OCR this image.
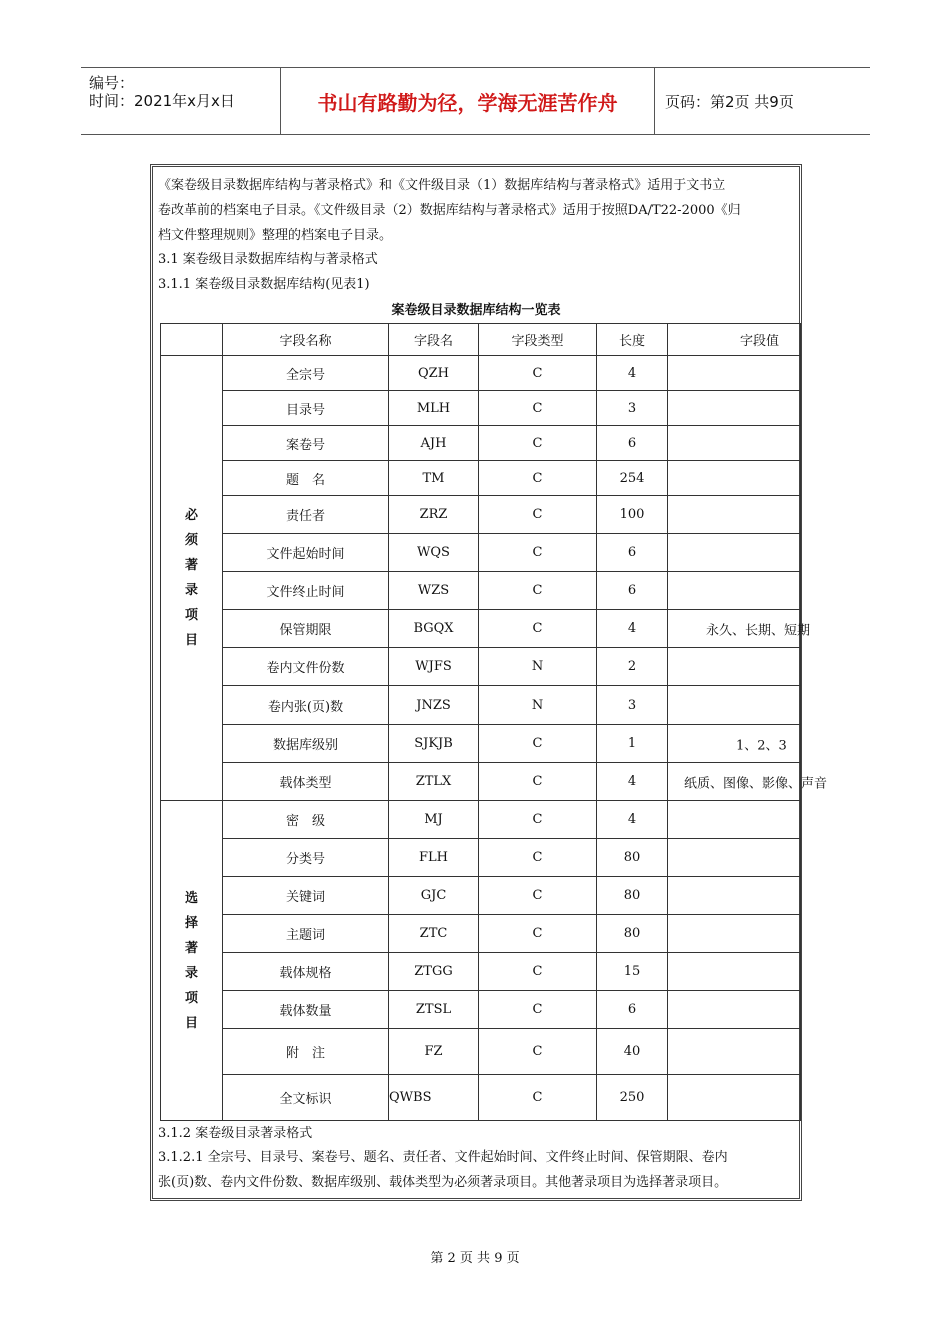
编号：
时间：2021年x月x日	书山有路勤为径，学海无涯苦作舟	页码：第2页 共9页
《案卷级目录数据库结构与著录格式》和《文件级目录（1）数据库结构与著录格式》适用于文书立
卷改革前的档案电子目录。《文件级目录（2）数据库结构与著录格式》适用于按照DA/T22-2000《归
档文件整理规则》整理的档案电子目录。
3.1 案卷级目录数据库结构与著录格式
3.1.1 案卷级目录数据库结构(见表1)
案卷级目录数据库结构一览表
	字段名称	字段名	字段类型	长度	字段值
必须著录项目	全宗号	QZH	C	4	

	目录号	MLH	C	3	

	案卷号	AJH	C	6	

	题　名	TM	C	254	

	责任者	ZRZ	C	100	

	文件起始时间	WQS	C	6	

	文件终止时间	WZS	C	6	

	保管期限	BGQX	C	4	永久、长期、短期

	卷内文件份数	WJFS	N	2	

	卷内张(页)数	JNZS	N	3	

	数据库级别	SJKJB	C	1	1、2、3

	载体类型	ZTLX	C	4	纸质、图像、影像、声音

选择著录项目	密　级	MJ	C	4	

	分类号	FLH	C	80	

	关键词	GJC	C	80	

	主题词	ZTC	C	80	

	载体规格	ZTGG	C	15	

	载体数量	ZTSL	C	6	

	附　注	FZ	C	40	

	全文标识	QWBS	C	250	
3.1.2 案卷级目录著录格式
3.1.2.1 全宗号、目录号、案卷号、题名、责任者、文件起始时间、文件终止时间、保管期限、卷内
张(页)数、卷内文件份数、数据库级别、载体类型为必须著录项目。其他著录项目为选择著录项目。
第 2 页 共 9 页
